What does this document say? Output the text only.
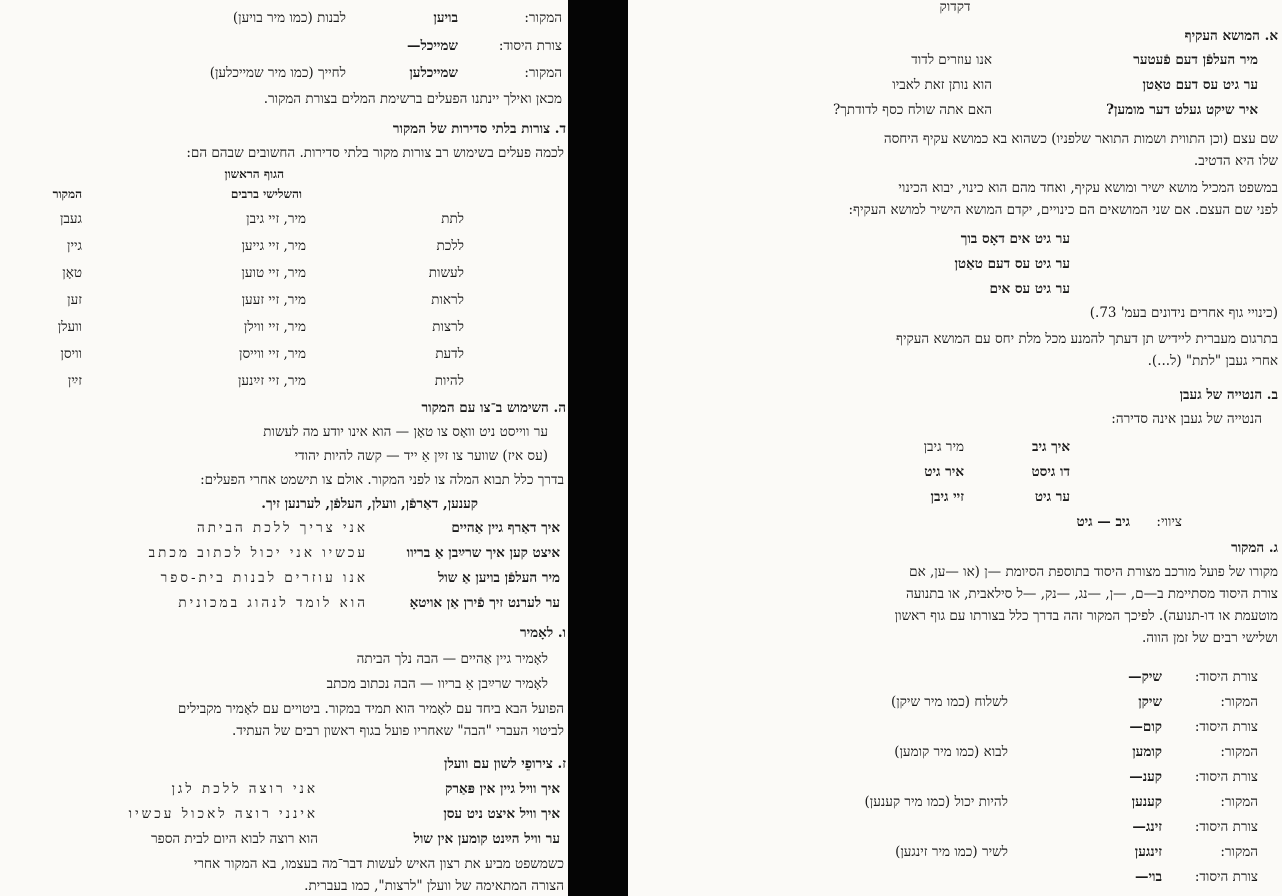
דקדוק
א. המושא העקיף
מיר העלפֿן דעם פֿעטער
אנו עוזרים לדוד
ער גיט עס דעם טאַטן
הוא נותן זאת לאביו
איר שיקט געלט דער מומען?
האם אתה שולח כסף לדודתך?
שם עצם (וכן התווית ושמות התואר שלפניו) כשהוא בא כמושא עקיף היחסה
שלו היא הדטיב.
במשפט המכיל מושא ישיר ומושא עקיף, ואחד מהם הוא כינוי, יבוא הכינוי
לפני שם העצם. אם שני המושאים הם כינויים, יקדם המושא הישיר למושא העקיף:
ער גיט אים דאָס בוך
ער גיט עס דעם טאַטן
ער גיט עס אים
(כינויי גוף אחרים נידונים בעמ' 73.)
בתרגום מעברית ליידיש תן דעתך להמנע מכל מלת יחס עם המושא העקיף
אחרי געבן "לתת" (ל...).
ב. הנטייה של געבן
הנטייה של געבן אינה סדירה:
איך גיב
מיר גיבן
דו גיסט
איר גיט
ער גיט
זיי גיבן
ציווי:
גיב — גיט
ג. המקור
מקורו של פועל מורכב מצורת היסוד בתוספת הסיומת —ן (או —ען, אם
צורת היסוד מסתיימת ב—ם, —ן, —נג, —נק, —ל סילאבית, או בתנועה
מוטעמת או דו-תנועה). לפיכך המקור זהה בדרך כלל בצורתו עם גוף ראשון
ושלישי רבים של זמן הווה.
צורת היסוד:
שיק—
המקור:
שיקן
לשלוח (כמו מיר שיקן)
צורת היסוד:
קום—
המקור:
קומען
לבוא (כמו מיר קומען)
צורת היסוד:
קענ—
המקור:
קענען
להיות יכול (כמו מיר קענען)
צורת היסוד:
זינג—
המקור:
זינגען
לשיר (כמו מיר זינגען)
צורת היסוד:
בוי—
המקור:
בויען
לבנות (כמו מיר בויען)
צורת היסוד:
שמייכל—
המקור:
שמייכלען
לחייך (כמו מיר שמייכלען)
מכאן ואילך יינתנו הפעלים ברשימת המלים בצורת המקור.
ד. צורות בלתי סדירות של המקור
לכמה פעלים בשימוש רב צורות מקור בלתי סדירות. החשובים שבהם הם:
הגוף הראשון
והשלישי ברבים
המקור
לתת
מיר, זיי גיבן
געבן
ללכת
מיר, זיי גייען
גיין
לעשות
מיר, זיי טוען
טאָן
לראות
מיר, זיי זעען
זען
לרצות
מיר, זיי ווילן
וועלן
לדעת
מיר, זיי ווייסן
וויסן
להיות
מיר, זיי זײַנען
זײַן
ה. השימוש ב־צו עם המקור
ער ווייסט ניט וואָס צו טאָן — הוא אינו יודע מה לעשות
(עס איז) שווער צו זײַן אַ ייד — קשה להיות יהודי
בדרך כלל תבוא המלה צו לפני המקור. אולם צו תישמט אחרי הפעלים:
קענען, דאַרפֿן, וועלן, העלפֿן, לערנען זיך.
איך דאַרף גיין אַהיים
אני צריך ללכת הביתה
איצט קען איך שרײַבן אַ בריוו
עכשיו אני יכול לכתוב מכתב
מיר העלפֿן בויען אַ שול
אנו עוזרים לבנות בית-ספר
ער לערנט זיך פֿירן אַן אויטאָ
הוא לומד לנהוג במכונית
ו. לאָמיר
לאָמיר גיין אַהיים — הבה נלך הביתה
לאָמיר שרײַבן אַ בריוו — הבה נכתוב מכתב
הפועל הבא ביחד עם לאָמיר הוא תמיד במקור. ביטויים עם לאָמיר מקבילים
לביטוי העברי "הבה" שאחריו פועל בגוף ראשון רבים של העתיד.
ז. צירופֵי לשון עם וועלן
איך וויל גיין אין פּאַרק
אני רוצה ללכת לגן
איך וויל איצט ניט עסן
אינני רוצה לאכול עכשיו
ער וויל הײַנט קומען אין שול
הוא רוצה לבוא היום לבית הספר
כשמשפט מביע את רצון האיש לעשות דבר־מה בעצמו, בא המקור אחרי
הצורה המתאימה של וועלן "לרצות", כמו בעברית.
